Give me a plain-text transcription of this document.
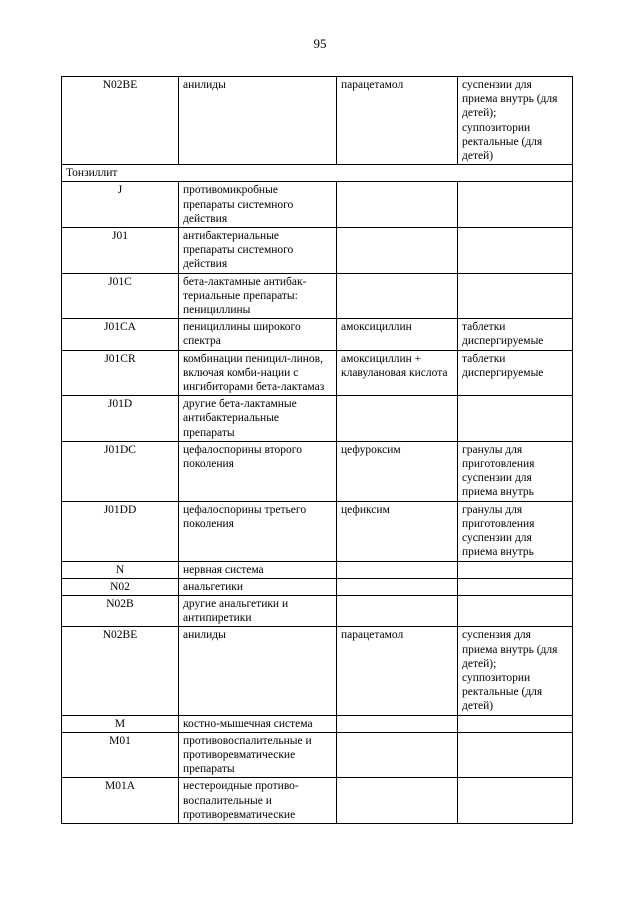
95
N02BE	анилиды	парацетамол	суспензии для приема внутрь (для детей);
суппозитории ректальные (для детей)
Тонзиллит			
J	противомикробные препараты системного действия		
J01	антибактериальные препараты системного действия		
J01C	бета-лактамные антибак-териальные препараты: пенициллины		
J01CA	пенициллины широкого спектра	амоксициллин	таблетки диспергируемые
J01CR	комбинации пеницил-линов, включая комби-нации с ингибиторами бета-лактамаз	амоксициллин + клавулановая кислота	таблетки диспергируемые
J01D	другие бета-лактамные антибактериальные препараты		
J01DC	цефалоспорины второго поколения	цефуроксим	гранулы для приготовления суспензии для приема внутрь
J01DD	цефалоспорины третьего поколения	цефиксим	гранулы для приготовления суспензии для приема внутрь
N	нервная система		
N02	анальгетики		
N02B	другие анальгетики и антипиретики		
N02BE	анилиды	парацетамол	суспензия для приема внутрь (для детей);
суппозитории ректальные (для детей)
M	костно-мышечная система		
M01	противовоспалительные и противоревматические препараты		
M01A	нестероидные противо-воспалительные и противоревматические		
